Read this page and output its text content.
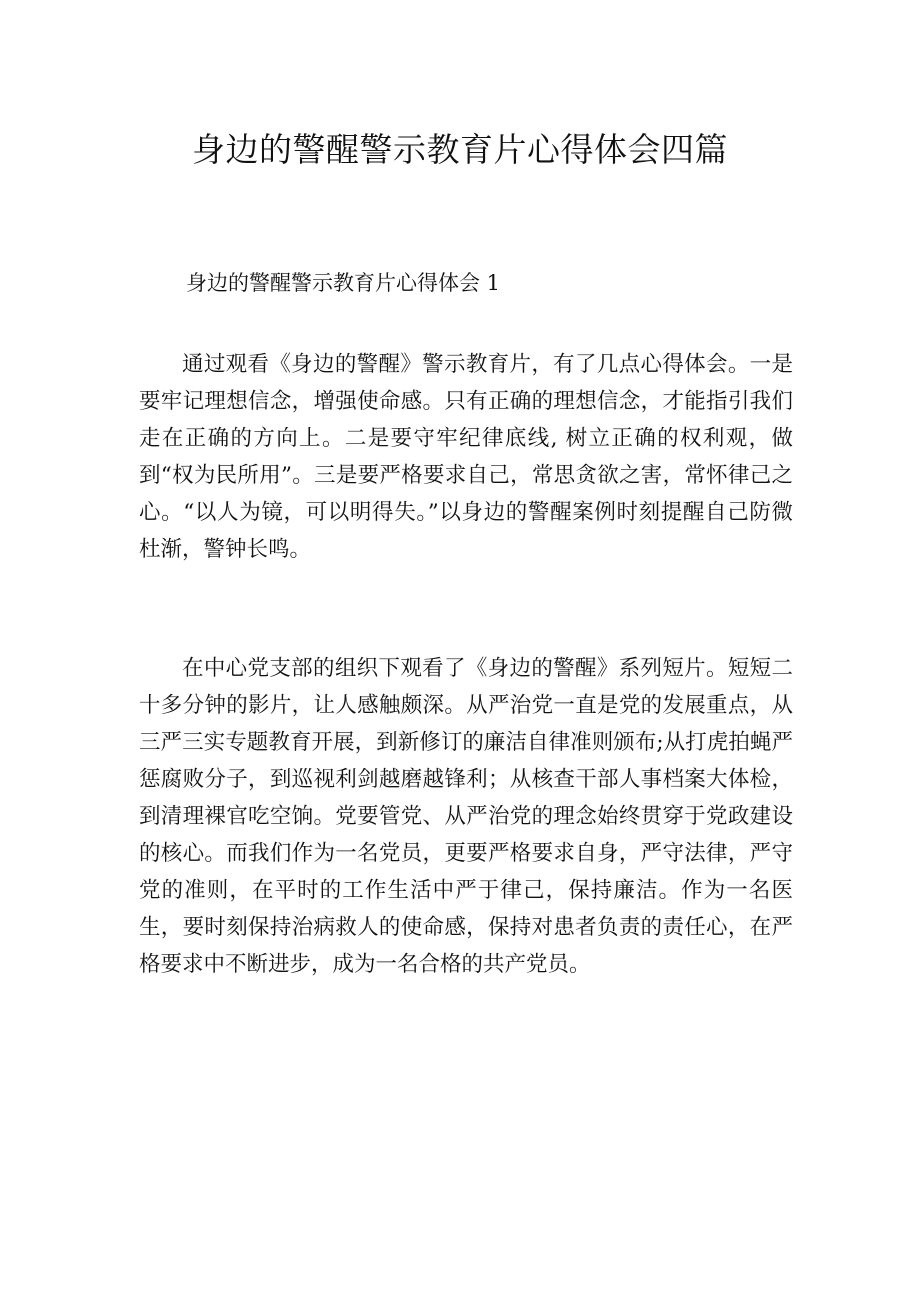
身边的警醒警示教育片心得体会四篇
身边的警醒警示教育片心得体会 1

通过观看《身边的警醒》警示教育片，有了几点心得体会。一是要牢记理想信念，增强使命感。只有正确的理想信念，才能指引我们走在正确的方向上。二是要守牢纪律底线, 树立正确的权利观，做到“权为民所用”。三是要严格要求自己，常思贪欲之害，常怀律己之心。“以人为镜，可以明得失。”以身边的警醒案例时刻提醒自己防微杜渐，警钟长鸣。

在中心党支部的组织下观看了《身边的警醒》系列短片。短短二十多分钟的影片，让人感触颇深。从严治党一直是党的发展重点，从三严三实专题教育开展，到新修订的廉洁自律准则颁布;从打虎拍蝇严惩腐败分子，到巡视利剑越磨越锋利；从核查干部人事档案大体检，到清理裸官吃空饷。党要管党、从严治党的理念始终贯穿于党政建设的核心。而我们作为一名党员，更要严格要求自身，严守法律，严守党的准则，在平时的工作生活中严于律己，保持廉洁。作为一名医生，要时刻保持治病救人的使命感，保持对患者负责的责任心，在严格要求中不断进步，成为一名合格的共产党员。
